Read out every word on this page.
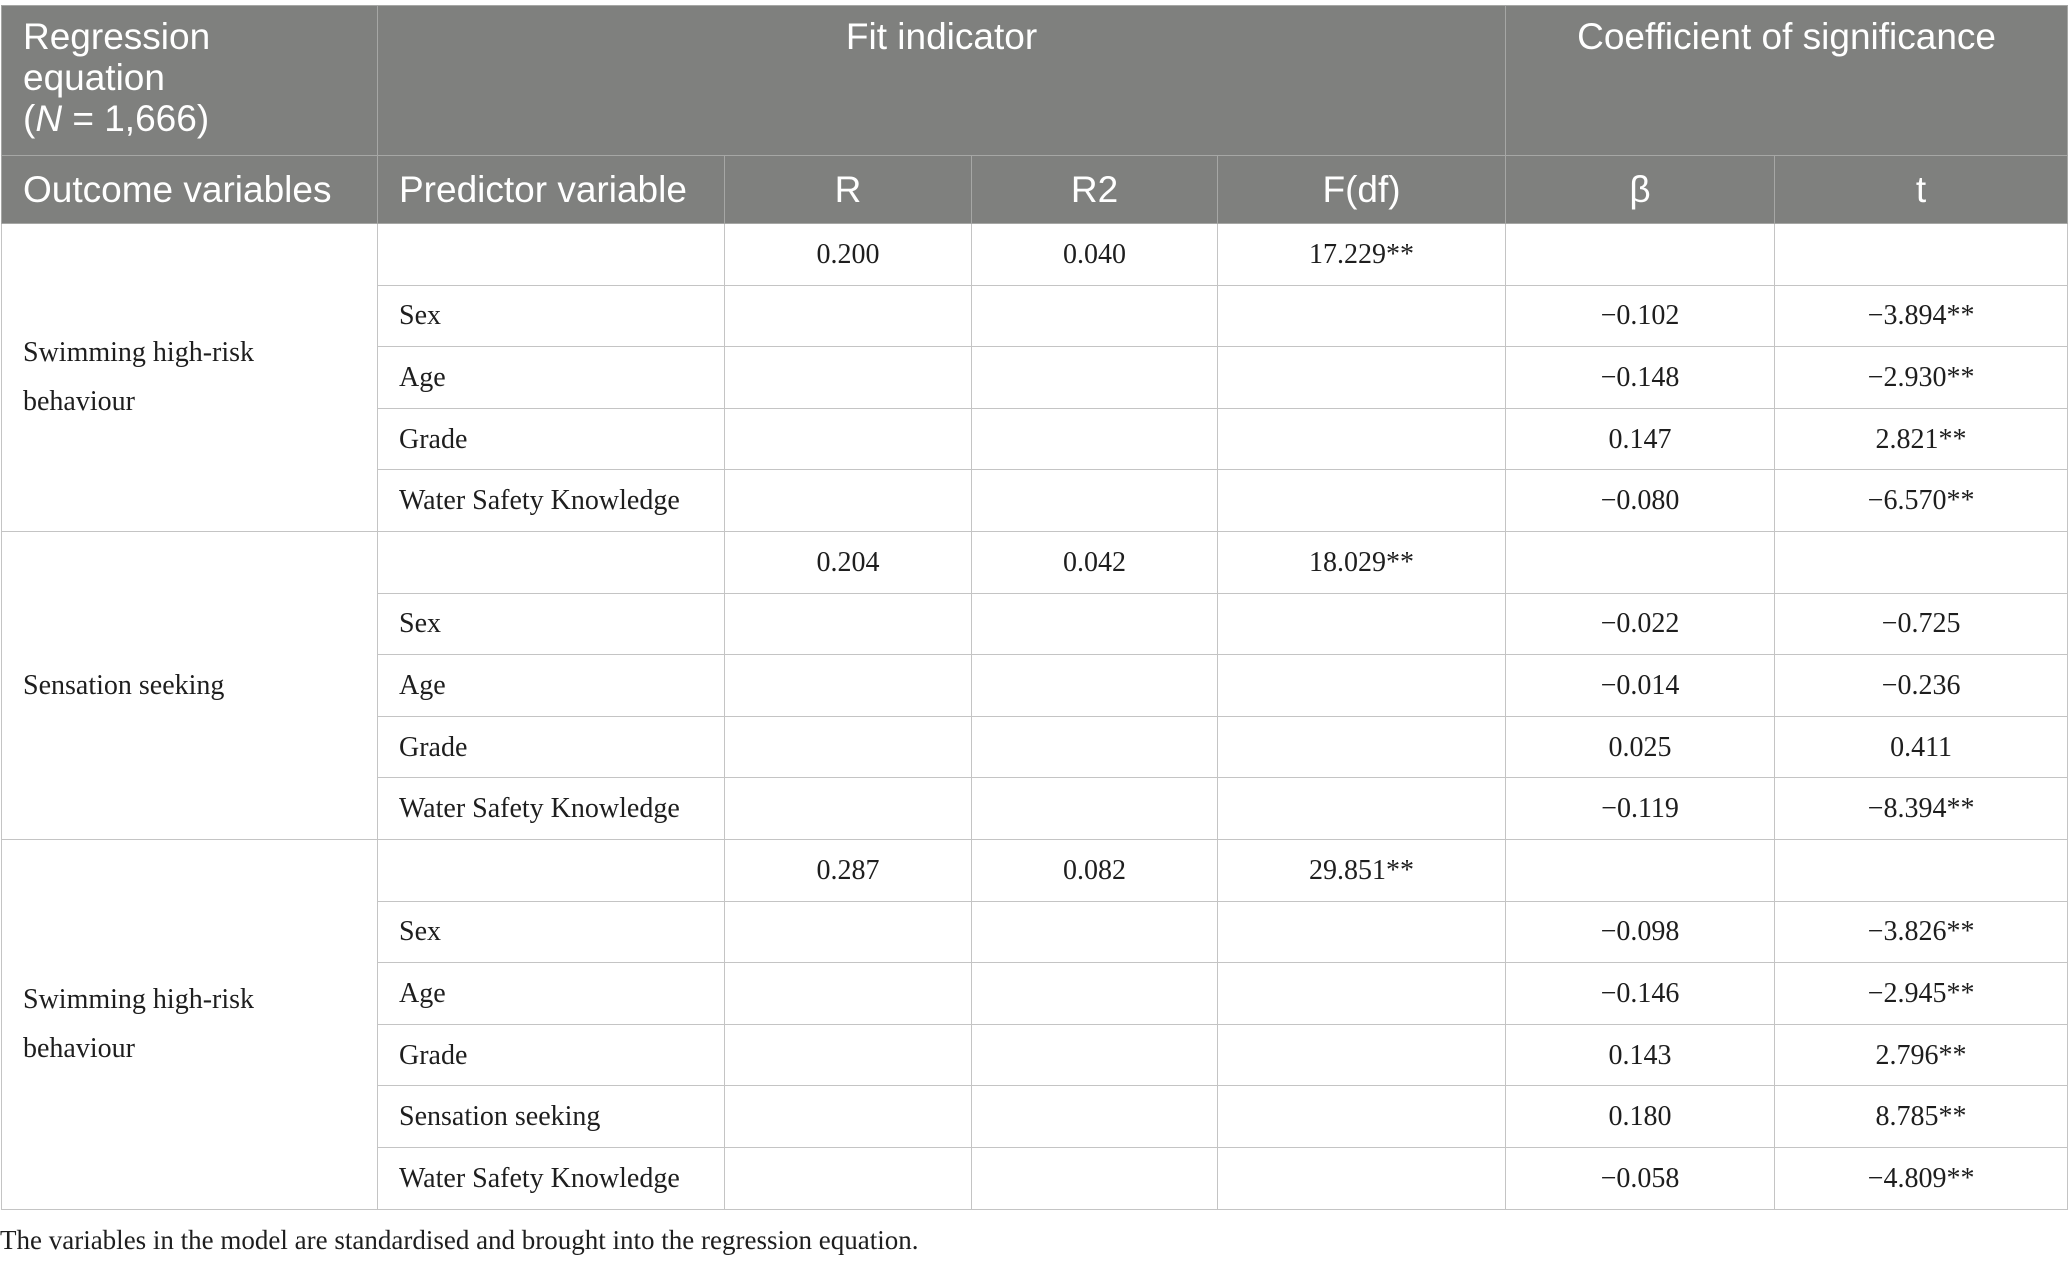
Regression
equation
(N = 1,666)	Fit indicator				Coefficient of significance	
Outcome variables	Predictor variable	R	R2	F(df)	β	t
Swimming high-risk behaviour		0.200	0.040	17.229**		
	Sex				−0.102	−3.894**
	Age				−0.148	−2.930**
	Grade				0.147	2.821**
	Water Safety Knowledge				−0.080	−6.570**
Sensation seeking		0.204	0.042	18.029**		
	Sex				−0.022	−0.725
	Age				−0.014	−0.236
	Grade				0.025	0.411
	Water Safety Knowledge				−0.119	−8.394**
Swimming high-risk behaviour		0.287	0.082	29.851**		
	Sex				−0.098	−3.826**
	Age				−0.146	−2.945**
	Grade				0.143	2.796**
	Sensation seeking				0.180	8.785**
	Water Safety Knowledge				−0.058	−4.809**
The variables in the model are standardised and brought into the regression equation.
